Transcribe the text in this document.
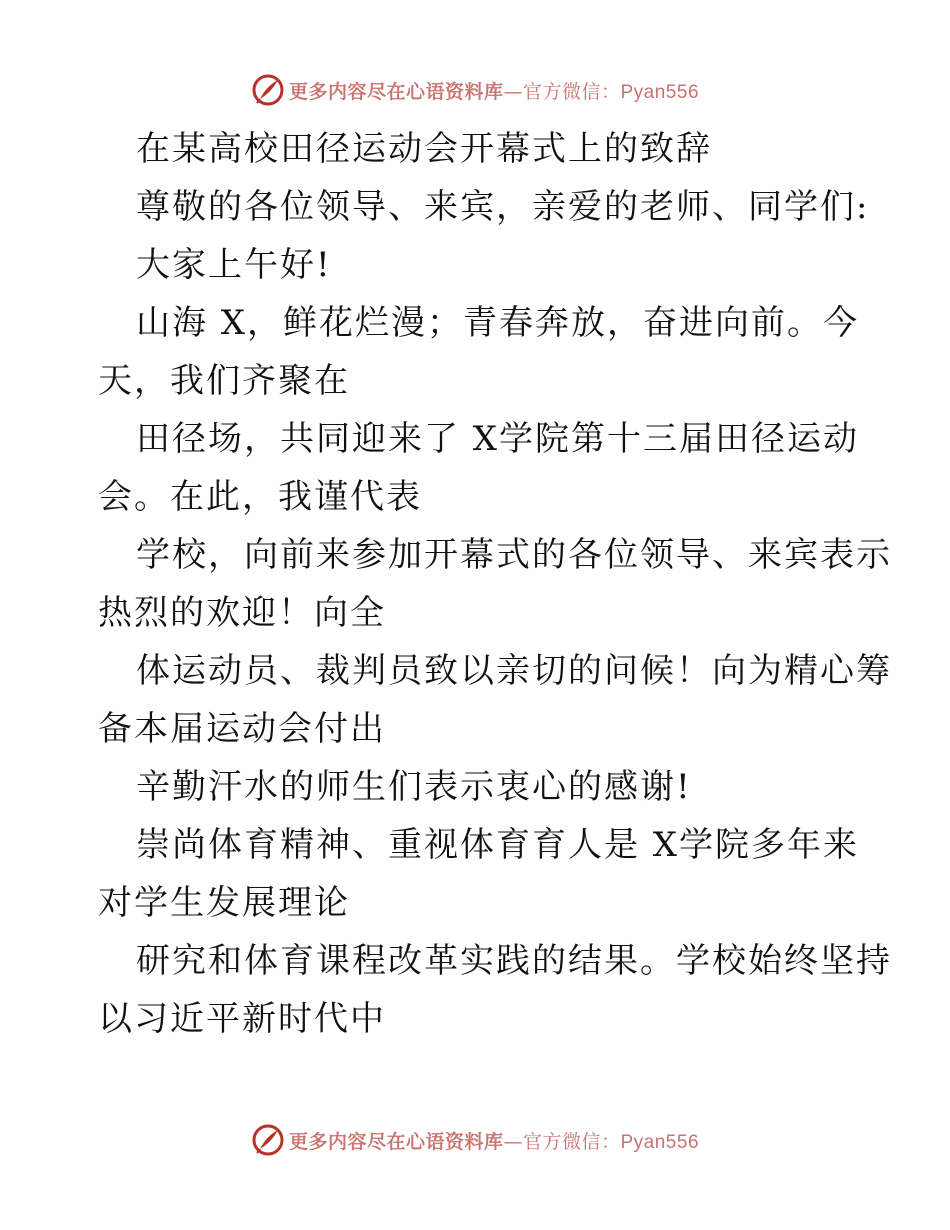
更多内容尽在心语资料库—官方微信：Pyan556
在某高校田径运动会开幕式上的致辞
尊敬的各位领导、来宾，亲爱的老师、同学们:
大家上午好!
山海 X，鲜花烂漫；青春奔放，奋进向前。今
天，我们齐聚在
田径场，共同迎来了 X学院第十三届田径运动
会。在此，我谨代表
学校，向前来参加开幕式的各位领导、来宾表示
热烈的欢迎！向全
体运动员、裁判员致以亲切的问候！向为精心筹
备本届运动会付出
辛勤汗水的师生们表示衷心的感谢!
崇尚体育精神、重视体育育人是 X学院多年来
对学生发展理论
研究和体育课程改革实践的结果。学校始终坚持
以习近平新时代中
更多内容尽在心语资料库—官方微信：Pyan556
